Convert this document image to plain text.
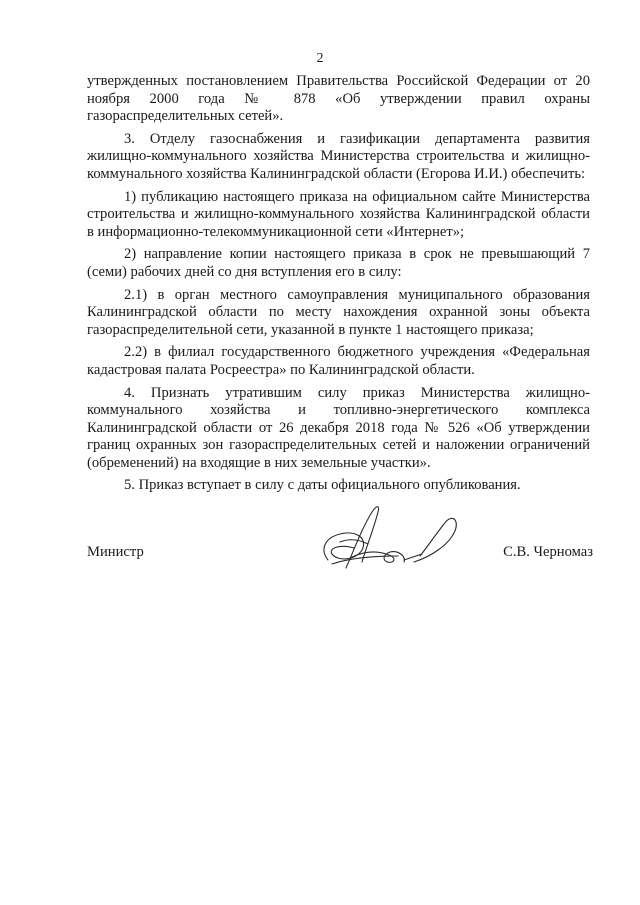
2

утвержденных постановлением Правительства Российской Федерации от 20 ноября 2000 года № 878 «Об утверждении правил охраны газораспределительных сетей».

3. Отделу газоснабжения и газификации департамента развития жилищно-коммунального хозяйства Министерства строительства и жилищно-коммунального хозяйства Калининградской области (Егорова И.И.) обеспечить:

1) публикацию настоящего приказа на официальном сайте Министерства строительства и жилищно-коммунального хозяйства Калининградской области в информационно-телекоммуникационной сети «Интернет»;

2) направление копии настоящего приказа в срок не превышающий 7 (семи) рабочих дней со дня вступления его в силу:

2.1) в орган местного самоуправления муниципального образования Калининградской области по месту нахождения охранной зоны объекта газораспределительной сети, указанной в пункте 1 настоящего приказа;

2.2) в филиал государственного бюджетного учреждения «Федеральная кадастровая палата Росреестра» по Калининградской области.

4. Признать утратившим силу приказ Министерства жилищно-коммунального хозяйства и топливно-энергетического комплекса Калининградской области от 26 декабря 2018 года № 526 «Об утверждении границ охранных зон газораспределительных сетей и наложении ограничений (обременений) на входящие в них земельные участки».

5. Приказ вступает в силу с даты официального опубликования.

Министр	С.В. Черномаз
